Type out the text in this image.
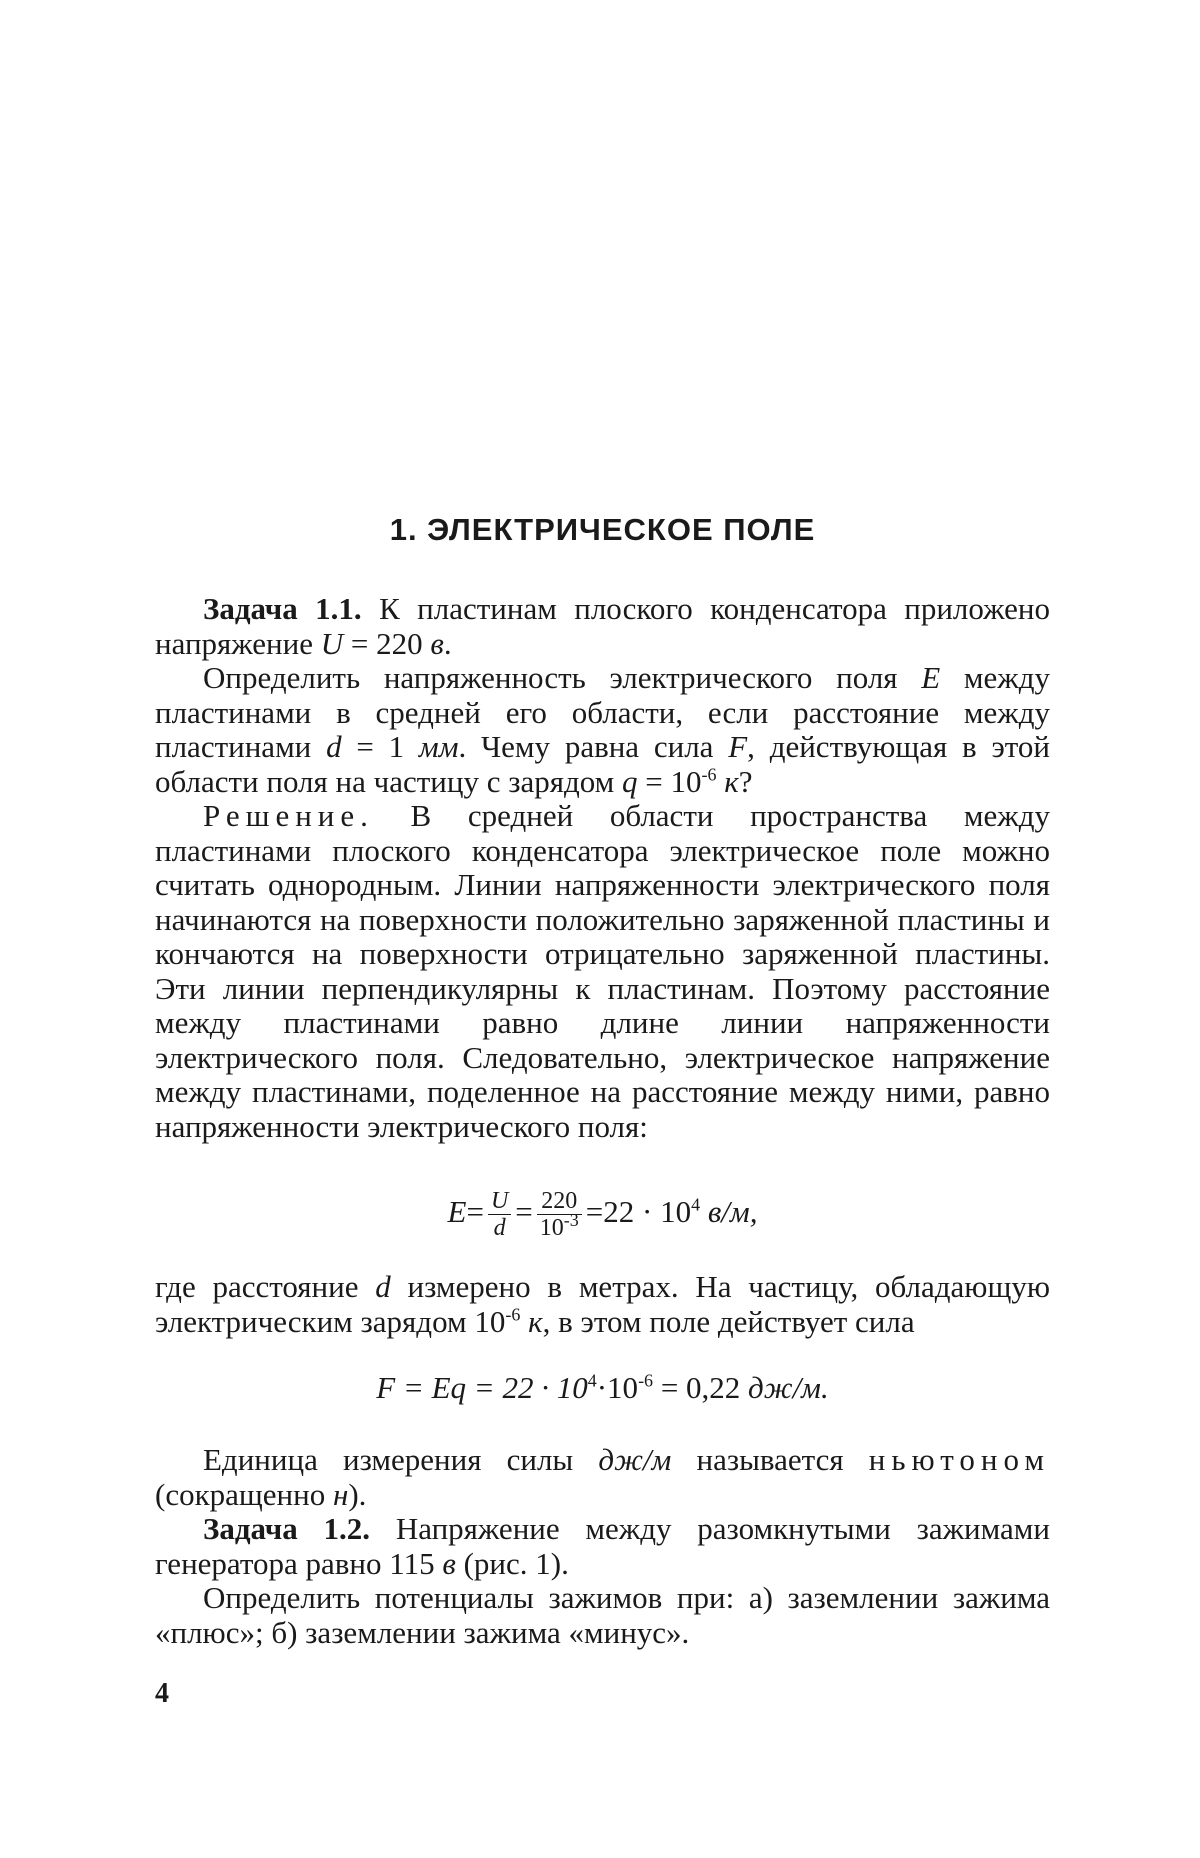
1. ЭЛЕКТРИЧЕСКОЕ ПОЛЕ

Задача 1.1. К пластинам плоского конденсатора приложено напряжение U = 220 в.

Определить напряженность электрического поля E между пластинами в средней его области, если расстояние между пластинами d = 1 мм. Чему равна сила F, действующая в этой области поля на частицу с зарядом $q = 10^{-6}$ к?

Решение. В средней области пространства между пластинами плоского конденсатора электрическое поле можно считать однородным. Линии напряженности электрического поля начинаются на поверхности положительно заряженной пластины и кончаются на поверхности отрицательно заряженной пластины. Эти линии перпендикулярны к пластинам. Поэтому расстояние между пластинами равно длине линии напряженности электрического поля. Следовательно, электрическое напряжение между пластинами, поделенное на расстояние между ними, равно напряженности электрического поля:

$E= \frac{U}{d} = \frac{220}{10^{-3}} =22 \cdot 10^4$ в/м,

где расстояние d измерено в метрах. На частицу, обладающую электрическим зарядом $10^{-6}$ к, в этом поле действует сила

$F = Eq = 22 \cdot 10^4\cdot 10^{-6} = 0,22$ дж/м.

Единица измерения силы дж/м называется ньютоном (сокращенно н).

Задача 1.2. Напряжение между разомкнутыми зажимами генератора равно 115 в (рис. 1).

Определить потенциалы зажимов при: а) заземлении зажима «плюс»; б) заземлении зажима «минус».

4
